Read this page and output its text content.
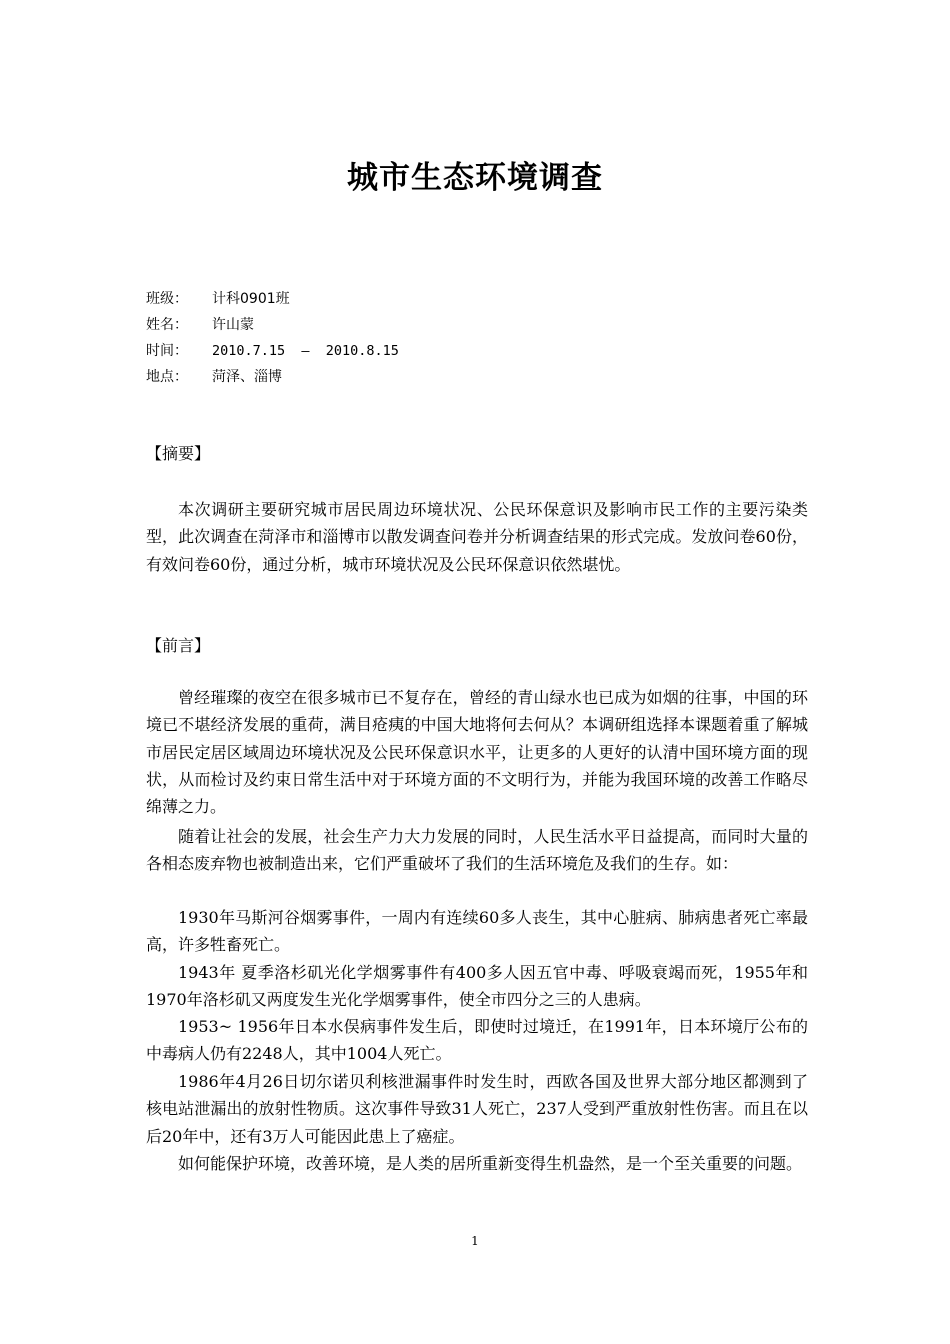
城市生态环境调查
班级： 计科0901班
姓名： 许山蒙
时间： 2010.7.15  –  2010.8.15
地点： 菏泽、淄博
【摘要】

本次调研主要研究城市居民周边环境状况、公民环保意识及影响市民工作的主要污染类型，此次调查在菏泽市和淄博市以散发调查问卷并分析调查结果的形式完成。发放问卷60份，有效问卷60份，通过分析，城市环境状况及公民环保意识依然堪忧。

【前言】

曾经璀璨的夜空在很多城市已不复存在，曾经的青山绿水也已成为如烟的往事，中国的环境已不堪经济发展的重荷，满目疮痍的中国大地将何去何从？本调研组选择本课题着重了解城市居民定居区域周边环境状况及公民环保意识水平，让更多的人更好的认清中国环境方面的现状，从而检讨及约束日常生活中对于环境方面的不文明行为，并能为我国环境的改善工作略尽绵薄之力。

随着让社会的发展，社会生产力大力发展的同时，人民生活水平日益提高，而同时大量的各相态废弃物也被制造出来，它们严重破坏了我们的生活环境危及我们的生存。如：

1930年马斯河谷烟雾事件，一周内有连续60多人丧生，其中心脏病、肺病患者死亡率最高，许多牲畜死亡。

1943年 夏季洛杉矶光化学烟雾事件有400多人因五官中毒、呼吸衰竭而死，1955年和1970年洛杉矶又两度发生光化学烟雾事件，使全市四分之三的人患病。

1953~ 1956年日本水俣病事件发生后，即使时过境迁，在1991年，日本环境厅公布的中毒病人仍有2248人，其中1004人死亡。

1986年4月26日切尔诺贝利核泄漏事件时发生时，西欧各国及世界大部分地区都测到了核电站泄漏出的放射性物质。这次事件导致31人死亡，237人受到严重放射性伤害。而且在以后20年中，还有3万人可能因此患上了癌症。

如何能保护环境，改善环境，是人类的居所重新变得生机盎然，是一个至关重要的问题。

1
